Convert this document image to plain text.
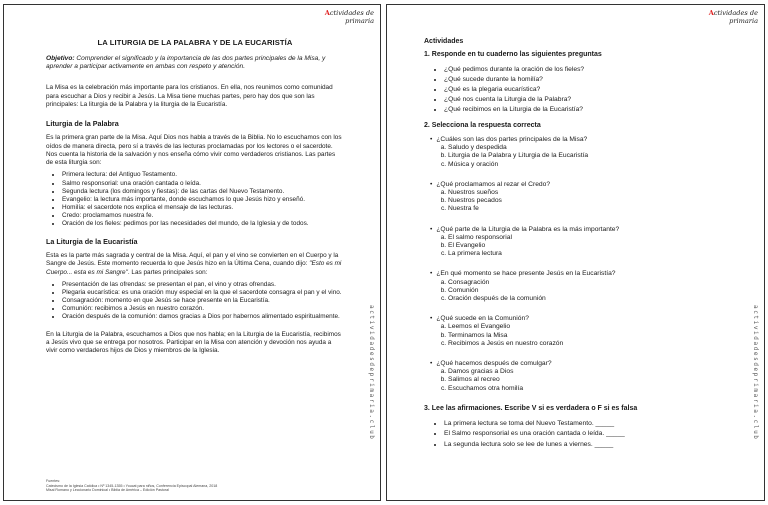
Actividades de
primaria
LA LITURGIA DE LA PALABRA Y DE LA EUCARISTÍA

Objetivo: Comprender el significado y la importancia de las dos partes principales de la Misa, y aprender a participar activamente en ambas con respeto y atención.

La Misa es la celebración más importante para los cristianos. En ella, nos reunimos como comunidad para escuchar a Dios y recibir a Jesús. La Misa tiene muchas partes, pero hay dos que son las principales: La liturgia de la Palabra y la liturgia de la Eucaristía.

Liturgia de la Palabra

Es la primera gran parte de la Misa. Aquí Dios nos habla a través de la Biblia. No lo escuchamos con los oídos de manera directa, pero sí a través de las lecturas proclamadas por los lectores o el sacerdote. Nos cuenta la historia de la salvación y nos enseña cómo vivir como verdaderos cristianos. Las partes de esta liturgia son:

• Primera lectura: del Antiguo Testamento.
• Salmo responsorial: una oración cantada o leída.
• Segunda lectura (los domingos y fiestas): de las cartas del Nuevo Testamento.
• Evangelio: la lectura más importante, donde escuchamos lo que Jesús hizo y enseñó.
• Homilía: el sacerdote nos explica el mensaje de las lecturas.
• Credo: proclamamos nuestra fe.
• Oración de los fieles: pedimos por las necesidades del mundo, de la Iglesia y de todos.
La Liturgia de la Eucaristía

Esta es la parte más sagrada y central de la Misa. Aquí, el pan y el vino se convierten en el Cuerpo y la Sangre de Jesús. Este momento recuerda lo que Jesús hizo en la Última Cena, cuando dijo: "Esto es mi Cuerpo... esta es mi Sangre". Las partes principales son:

• Presentación de las ofrendas: se presentan el pan, el vino y otras ofrendas.
• Plegaria eucarística: es una oración muy especial en la que el sacerdote consagra el pan y el vino.
• Consagración: momento en que Jesús se hace presente en la Eucaristía.
• Comunión: recibimos a Jesús en nuestro corazón.
• Oración después de la comunión: damos gracias a Dios por habernos alimentado espiritualmente.

En la Liturgia de la Palabra, escuchamos a Dios que nos habla; en la Liturgia de la Eucaristía, recibimos a Jesús vivo que se entrega por nosotros. Participar en la Misa con atención y devoción nos ayuda a vivir como verdaderos hijos de Dios y miembros de la Iglesia.

Fuentes:
Catecismo de la Iglesia Católica • Nº 1345-1355 • Youcat para niños, Conferencia Episcopal Alemana, 2018
Misal Romano y Leccionario Dominical • Biblia de América – Edición Pastoral
actividadesdeprimaria.club
Actividades de
primaria
Actividades
1. Responde en tu cuaderno las siguientes preguntas
• ¿Qué pedimos durante la oración de los fieles?
• ¿Qué sucede durante la homilía?
• ¿Qué es la plegaria eucarística?
• ¿Qué nos cuenta la Liturgia de la Palabra?
• ¿Qué recibimos en la Liturgia de la Eucaristía?
2. Selecciona la respuesta correcta
• ¿Cuáles son las dos partes principales de la Misa?
a. Saludo y despedida
b. Liturgia de la Palabra y Liturgia de la Eucaristía
c. Música y oración
• ¿Qué proclamamos al rezar el Credo?
a. Nuestros sueños
b. Nuestros pecados
c. Nuestra fe
• ¿Qué parte de la Liturgia de la Palabra es la más importante?
a. El salmo responsorial
b. El Evangelio
c. La primera lectura
• ¿En qué momento se hace presente Jesús en la Eucaristía?
a. Consagración
b. Comunión
c. Oración después de la comunión
• ¿Qué sucede en la Comunión?
a. Leemos el Evangelio
b. Terminamos la Misa
c. Recibimos a Jesús en nuestro corazón
• ¿Qué hacemos después de comulgar?
a. Damos gracias a Dios
b. Salimos al recreo
c. Escuchamos otra homilía
3. Lee las afirmaciones. Escribe V si es verdadera o F si es falsa
• La primera lectura se toma del Nuevo Testamento. _____
• El Salmo responsorial es una oración cantada o leída. _____
• La segunda lectura solo se lee de lunes a viernes. _____
actividadesdeprimaria.club
